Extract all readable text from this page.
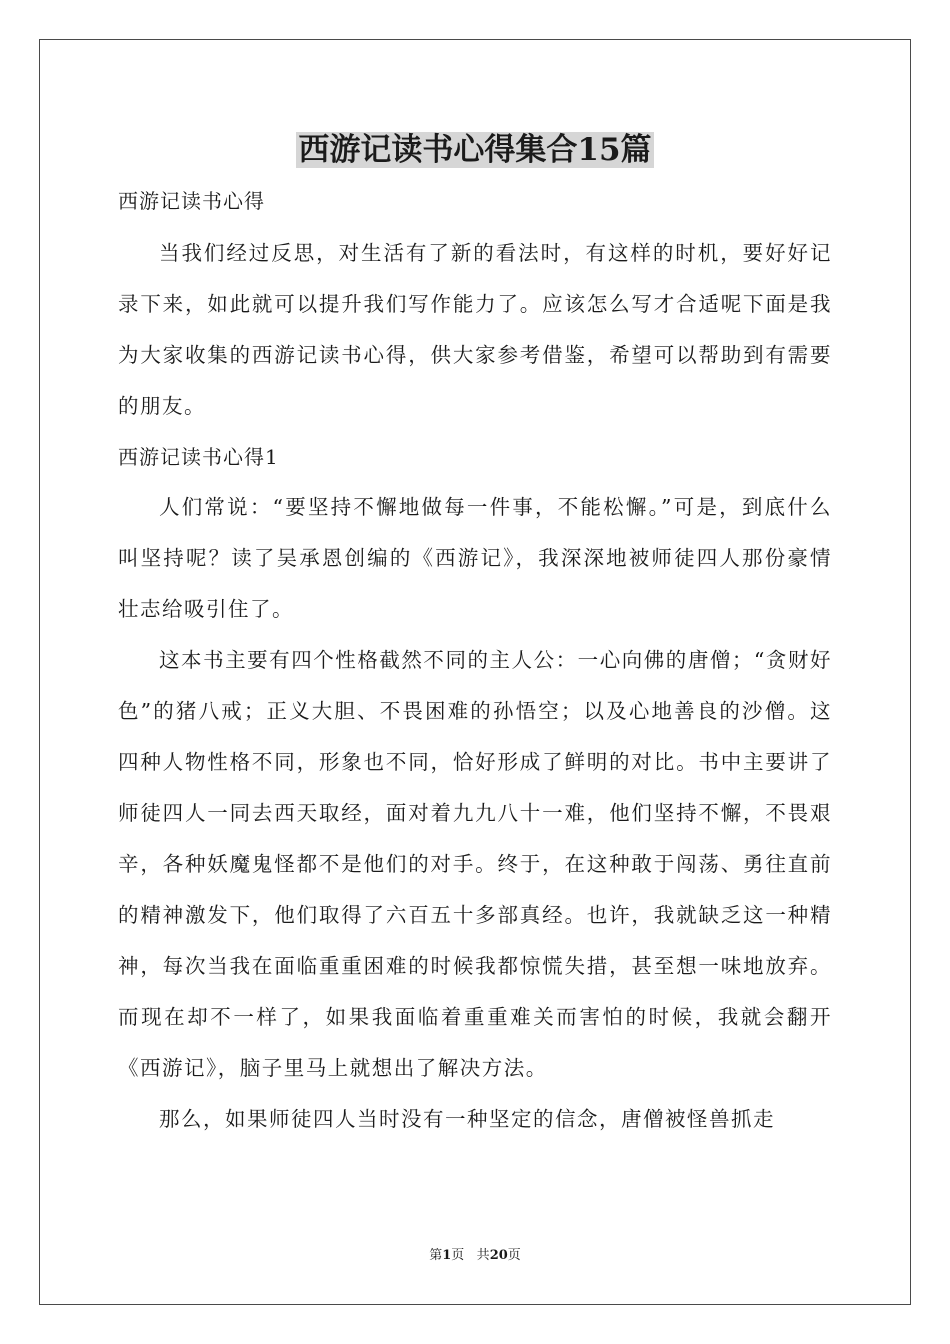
西游记读书心得集合15篇

西游记读书心得

当我们经过反思，对生活有了新的看法时，有这样的时机，要好好记录下来，如此就可以提升我们写作能力了。应该怎么写才合适呢下面是我为大家收集的西游记读书心得，供大家参考借鉴，希望可以帮助到有需要的朋友。

西游记读书心得1

人们常说：“要坚持不懈地做每一件事，不能松懈。”可是，到底什么叫坚持呢？读了吴承恩创编的《西游记》，我深深地被师徒四人那份豪情壮志给吸引住了。

这本书主要有四个性格截然不同的主人公：一心向佛的唐僧；“贪财好色”的猪八戒；正义大胆、不畏困难的孙悟空；以及心地善良的沙僧。这四种人物性格不同，形象也不同，恰好形成了鲜明的对比。书中主要讲了师徒四人一同去西天取经，面对着九九八十一难，他们坚持不懈，不畏艰辛，各种妖魔鬼怪都不是他们的对手。终于，在这种敢于闯荡、勇往直前的精神激发下，他们取得了六百五十多部真经。也许，我就缺乏这一种精神，每次当我在面临重重困难的时候我都惊慌失措，甚至想一味地放弃。而现在却不一样了，如果我面临着重重难关而害怕的时候，我就会翻开《西游记》，脑子里马上就想出了解决方法。

那么，如果师徒四人当时没有一种坚定的信念，唐僧被怪兽抓走

第1页 共20页
